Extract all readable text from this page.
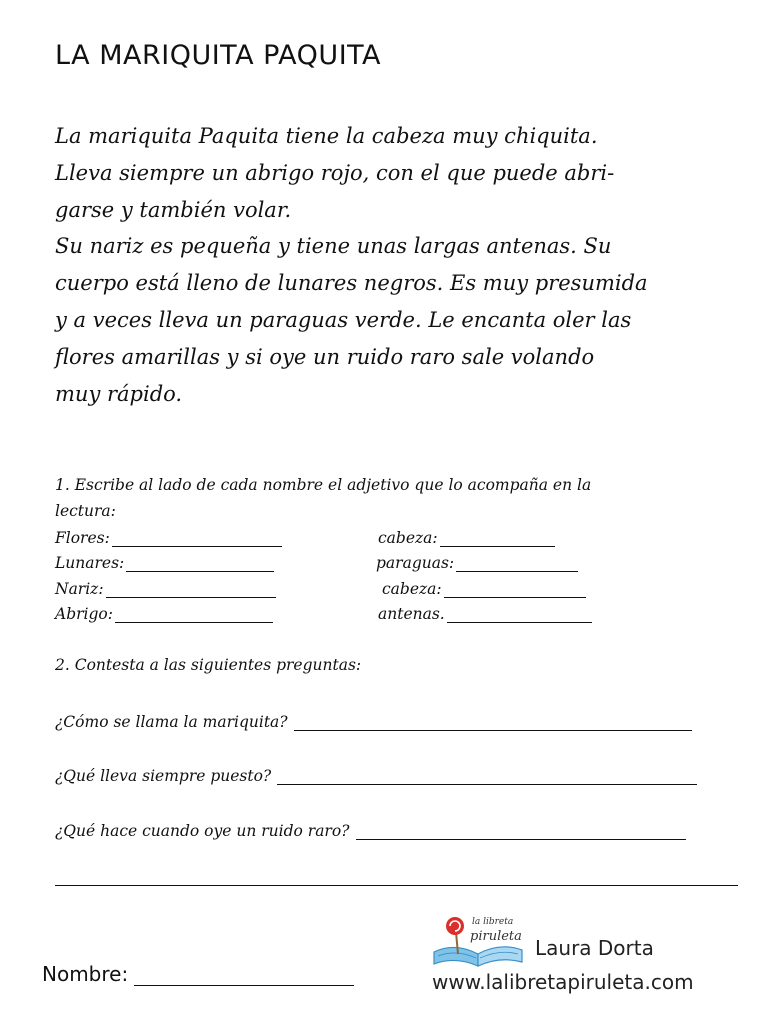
LA MARIQUITA PAQUITA
La mariquita Paquita tiene la cabeza muy chiquita.
Lleva siempre un abrigo rojo, con el que puede abri-
garse y también volar.
Su nariz es pequeña y tiene unas largas antenas. Su
cuerpo está lleno de lunares negros. Es muy presumida
y a veces lleva un paraguas verde. Le encanta oler las
flores amarillas y si oye un ruido raro sale volando
muy rápido.
1. Escribe al lado de cada nombre el adjetivo que lo acompaña en la
lectura:
Flores:
Lunares:
Nariz:
Abrigo:
cabeza:
paraguas:
cabeza:
antenas.
2. Contesta a las siguientes preguntas:
¿Cómo se llama la mariquita?
¿Qué lleva siempre puesto?
¿Qué hace cuando oye un ruido raro?
Nombre:
la libreta
piruleta Laura Dorta
www.lalibretapiruleta.com
